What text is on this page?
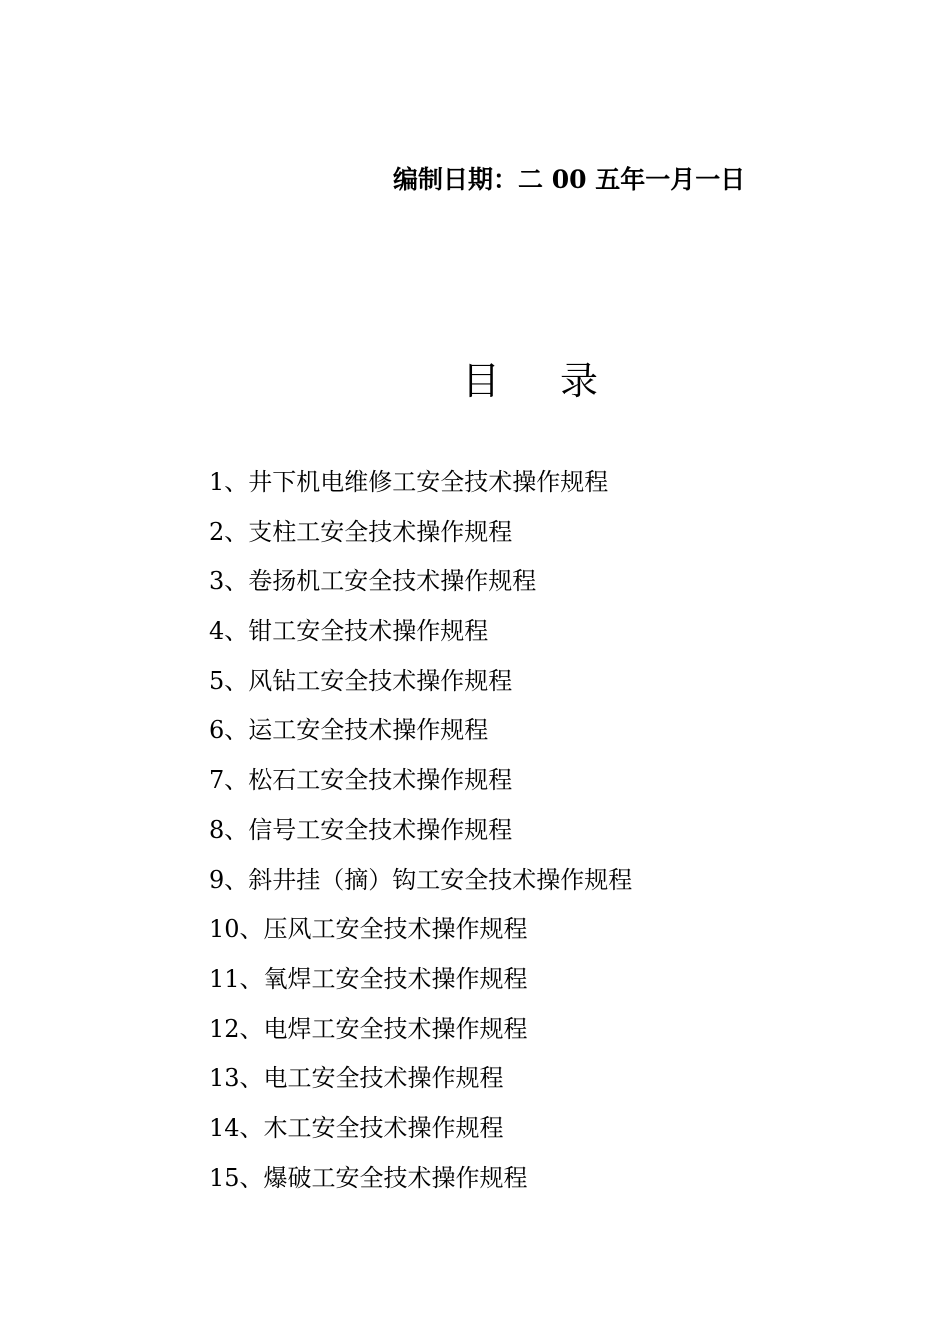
编制日期：二 00 五年一月一日
目 录
1、井下机电维修工安全技术操作规程
2、支柱工安全技术操作规程
3、卷扬机工安全技术操作规程
4、钳工安全技术操作规程
5、风钻工安全技术操作规程
6、运工安全技术操作规程
7、松石工安全技术操作规程
8、信号工安全技术操作规程
9、斜井挂（摘）钩工安全技术操作规程
10、压风工安全技术操作规程
11、氧焊工安全技术操作规程
12、电焊工安全技术操作规程
13、电工安全技术操作规程
14、木工安全技术操作规程
15、爆破工安全技术操作规程
